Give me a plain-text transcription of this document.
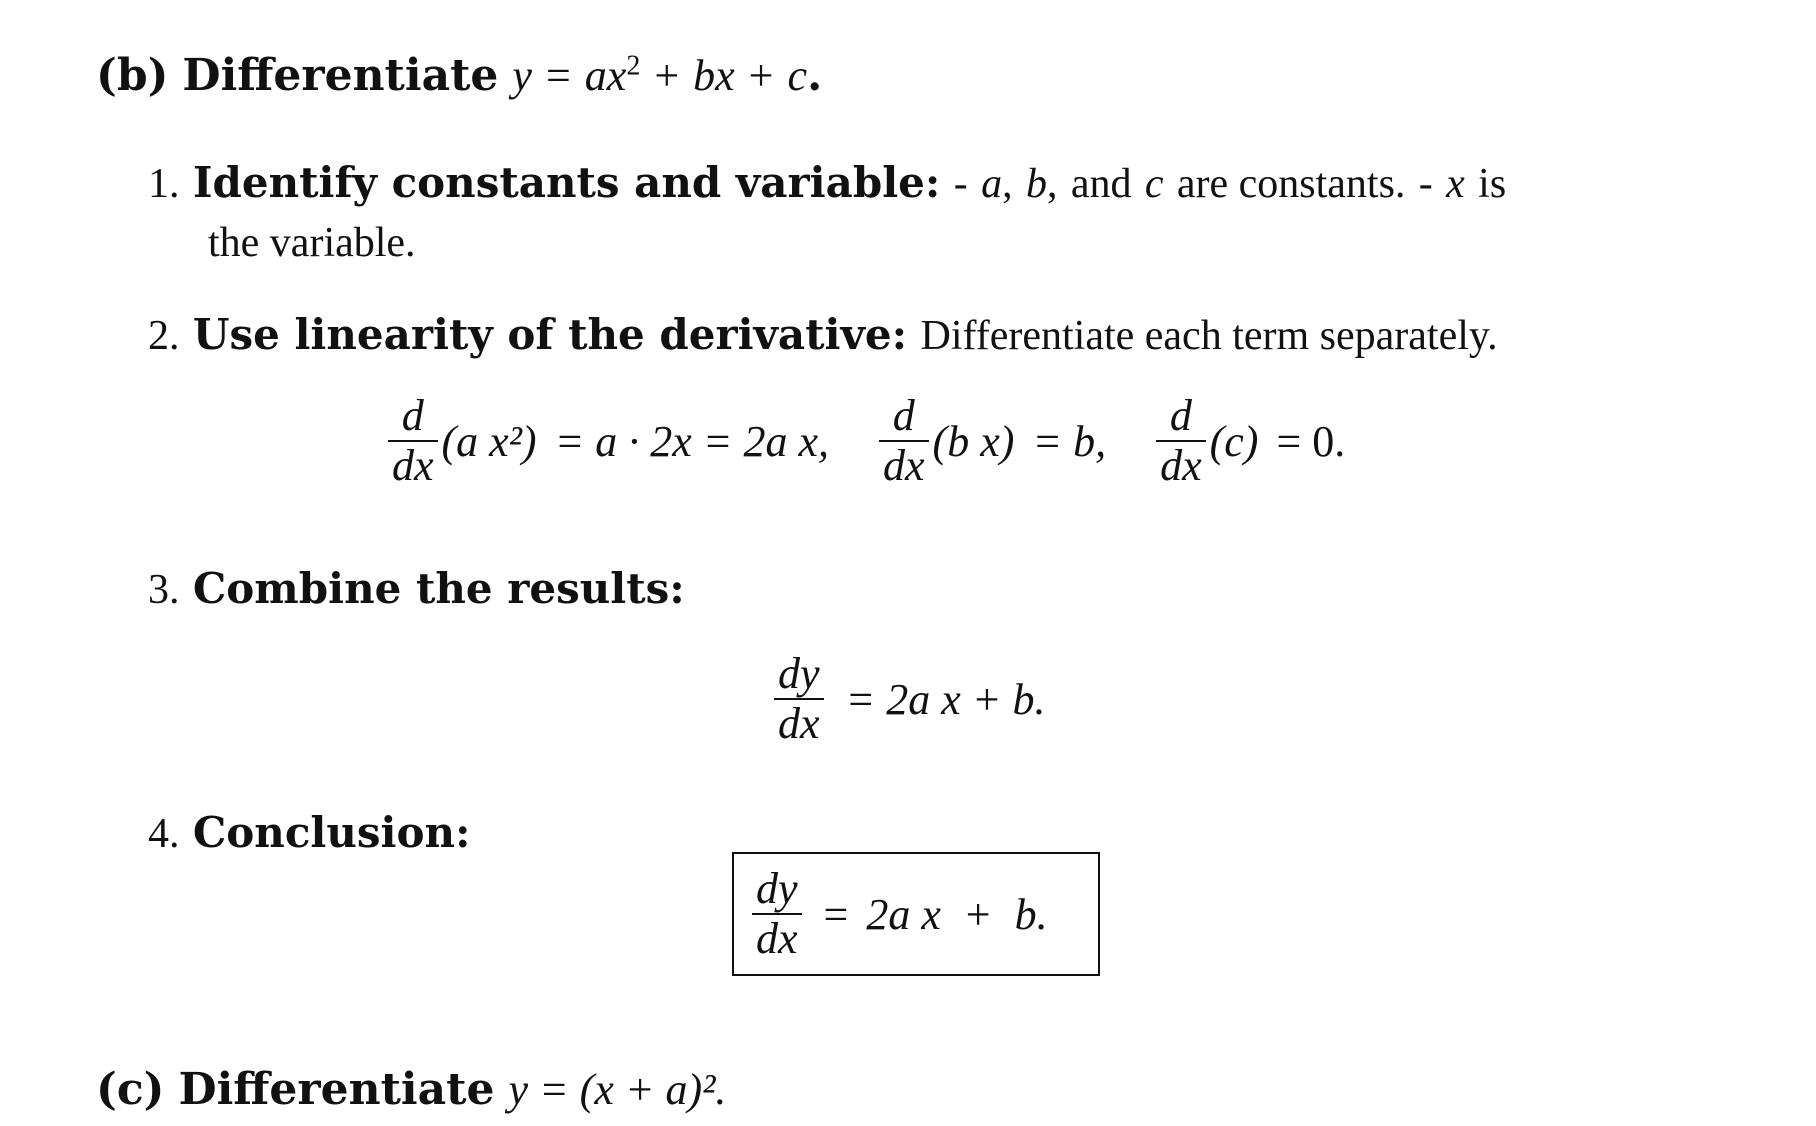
(b) Differentiate $y = ax^2$ + bx + c.
1. Identify constants and variable: - a, b, and c are constants. - x is
the variable.
2. Use linearity of the derivative: Differentiate each term separately.
$\frac{d}{dx} (a$ x²) = a · 2x = 2a x, $\frac{d}{dx} (b$ x) = b, $\frac{d}{dx} (c) = 0$.
3. Combine the results:
$\frac{dy}{dx} = 2a$ x + b.
4. Conclusion:
$\frac{dy}{dx} = 2a$ x  +  b.
(c) Differentiate y = (x + a)².
